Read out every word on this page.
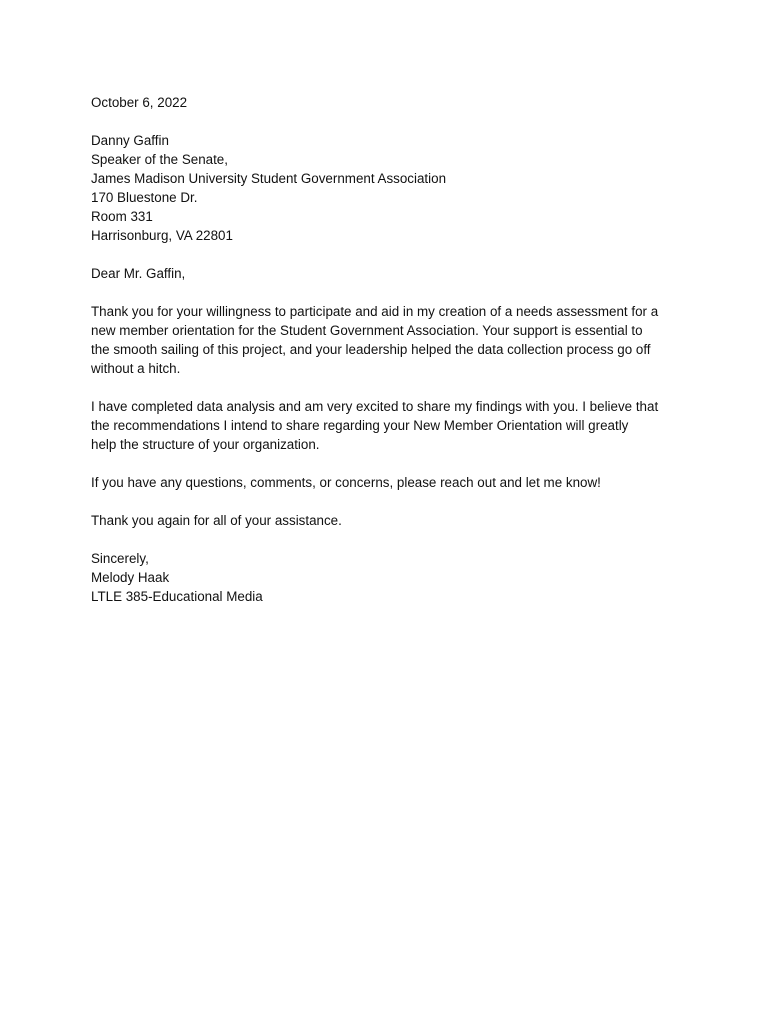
October 6, 2022
Danny Gaffin
Speaker of the Senate,
James Madison University Student Government Association
170 Bluestone Dr.
Room 331
Harrisonburg, VA 22801
Dear Mr. Gaffin,
Thank you for your willingness to participate and aid in my creation of a needs assessment for a
new member orientation for the Student Government Association. Your support is essential to
the smooth sailing of this project, and your leadership helped the data collection process go off
without a hitch.
I have completed data analysis and am very excited to share my findings with you. I believe that
the recommendations I intend to share regarding your New Member Orientation will greatly
help the structure of your organization.
If you have any questions, comments, or concerns, please reach out and let me know!
Thank you again for all of your assistance.
Sincerely,
Melody Haak
LTLE 385-Educational Media
